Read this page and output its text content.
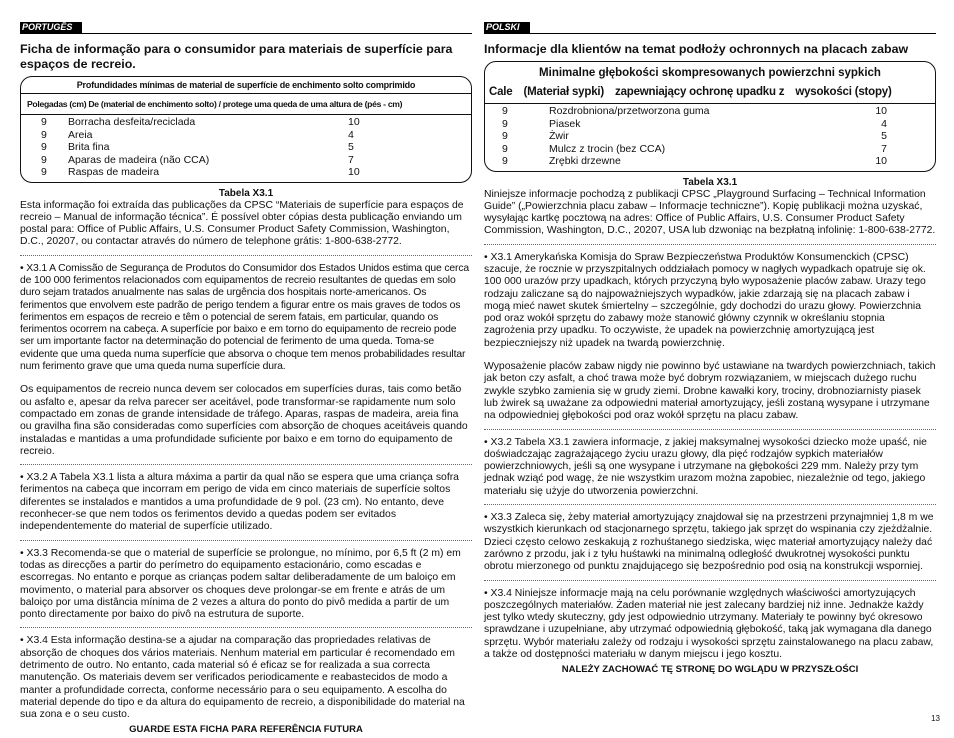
PORTUGÊS
Ficha de informação para o consumidor para materiais de superfície para espaços de recreio.
Profundidades mínimas de material de superfície de enchimento solto comprimido
Polegadas (cm) De (material de enchimento solto) / protege uma queda de uma altura de (pés - cm)
9	Borracha desfeita/reciclada	10
9	Areia	4
9	Brita fina	5
9	Aparas de madeira (não CCA)	7
9	Raspas de madeira	10
Tabela X3.1

Esta informação foi extraída das publicações da CPSC “Materiais de superfície para espaços de recreio – Manual de informação técnica”. É possível obter cópias desta publicação enviando um postal para: Office of Public Affairs, U.S. Consumer Product Safety Commission, Washington, D.C., 20207, ou contactar através do número de telephone grátis: 1-800-638-2772.

• X3.1 A Comissão de Segurança de Produtos do Consumidor dos Estados Unidos estima que cerca de 100 000 ferimentos relacionados com equipamentos de recreio resultantes de quedas em solo duro sejam tratados anualmente nas salas de urgência dos hospitais norte-americanos. Os ferimentos que envolvem este padrão de perigo tendem a figurar entre os mais graves de todos os ferimentos em espaços de recreio e têm o potencial de serem fatais, em particular, quando os ferimentos ocorrem na cabeça. A superfície por baixo e em torno do equipamento de recreio pode ser um importante factor na determinação do potencial de ferimento de uma queda. Toma-se evidente que uma queda numa superfície que absorva o choque tem menos probabilidades resultar num ferimento grave que uma queda numa superfície dura.

Os equipamentos de recreio nunca devem ser colocados em superfícies duras, tais como betão ou asfalto e, apesar da relva parecer ser aceitável, pode transformar-se rapidamente num solo compactado em zonas de grande intensidade de tráfego. Aparas, raspas de madeira, areia fina ou gravilha fina são consideradas como superfícies com absorção de choques aceitáveis quando instaladas e mantidas a uma profundidade suficiente por baixo e em torno do equipamento de recreio.

• X3.2 A Tabela X3.1 lista a altura máxima a partir da qual não se espera que uma criança sofra ferimentos na cabeça que incorram em perigo de vida em cinco materiais de superfície soltos diferentes se instalados e mantidos a uma profundidade de 9 pol. (23 cm). No entanto, deve reconhecer-se que nem todos os ferimentos devido a quedas podem ser evitados independentemente do material de superfície utilizado.

• X3.3 Recomenda-se que o material de superfície se prolongue, no mínimo, por 6,5 ft (2 m) em todas as direcções a partir do perímetro do equipamento estacionário, como escadas e escorregas. No entanto e porque as crianças podem saltar deliberadamente de um baloiço em movimento, o material para absorver os choques deve prolongar-se em frente e atrás de um baloiço por uma distância mínima de 2 vezes a altura do ponto do pivô medida a partir de um ponto directamente por baixo do pivô na estrutura de suporte.

• X3.4 Esta informação destina-se a ajudar na comparação das propriedades relativas de absorção de choques dos vários materiais. Nenhum material em particular é recomendado em detrimento de outro. No entanto, cada material só é eficaz se for realizada a sua correcta manutenção. Os materiais devem ser verificados periodicamente e reabastecidos de modo a manter a profundidade correcta, conforme necessário para o seu equipamento. A escolha do material depende do tipo e da altura do equipamento de recreio, a disponibilidade do material na sua zona e o seu custo.

GUARDE ESTA FICHA PARA REFERÊNCIA FUTURA
POLSKI
Informacje dla klientów na temat podłoży ochronnych na placach zabaw
Minimalne głębokości skompresowanych powierzchni sypkich
Cale (Materiał sypki) zapewniający ochronę upadku z wysokości (stopy)
9	Rozdrobniona/przetworzona guma	10
9	Piasek	4
9	Żwir	5
9	Mulcz z trocin (bez CCA)	7
9	Zrębki drzewne	10
Tabela X3.1

Niniejsze informacje pochodzą z publikacji CPSC „Playground Surfacing – Technical Information Guide” („Powierzchnia placu zabaw – Informacje techniczne”). Kopię publikacji można uzyskać, wysyłając kartkę pocztową na adres: Office of Public Affairs, U.S. Consumer Product Safety Commission, Washington, D.C., 20207, USA lub dzwoniąc na bezpłatną infolinię: 1-800-638-2772.

• X3.1 Amerykańska Komisja do Spraw Bezpieczeństwa Produktów Konsumenckich (CPSC) szacuje, że rocznie w przyszpitalnych oddziałach pomocy w nagłych wypadkach opatruje się ok. 100 000 urazów przy upadkach, których przyczyną było wyposażenie placów zabaw. Urazy tego rodzaju zaliczane są do najpoważniejszych wypadków, jakie zdarzają się na placach zabaw i mogą mieć nawet skutek śmiertelny – szczególnie, gdy dochodzi do urazu głowy. Powierzchnia pod oraz wokół sprzętu do zabawy może stanowić główny czynnik w określaniu stopnia zagrożenia przy upadku. To oczywiste, że upadek na powierzchnię amortyzującą jest bezpieczniejszy niż upadek na twardą powierzchnię.

Wyposażenie placów zabaw nigdy nie powinno być ustawiane na twardych powierzchniach, takich jak beton czy asfalt, a choć trawa może być dobrym rozwiązaniem, w miejscach dużego ruchu zwykle szybko zamienia się w grudy ziemi. Drobne kawałki kory, trociny, drobnoziarnisty piasek lub żwirek są uważane za odpowiedni materiał amortyzujący, jeśli zostaną wysypane i utrzymane na odpowiedniej głębokości pod oraz wokół sprzętu na placu zabaw.

• X3.2 Tabela X3.1 zawiera informacje, z jakiej maksymalnej wysokości dziecko może upaść, nie doświadczając zagrażającego życiu urazu głowy, dla pięć rodzajów sypkich materiałów powierzchniowych, jeśli są one wysypane i utrzymane na głębokości 229 mm. Należy przy tym jednak wziąć pod wagę, że nie wszystkim urazom można zapobiec, niezależnie od tego, jakiego materiału się użyje do utworzenia powierzchni.

• X3.3 Zaleca się, żeby materiał amortyzujący znajdował się na przestrzeni przynajmniej 1,8 m we wszystkich kierunkach od stacjonarnego sprzętu, takiego jak sprzęt do wspinania czy zjeżdżalnie. Dzieci często celowo zeskakują z rozhuśtanego siedziska, więc materiał amortyzujący należy dać zarówno z przodu, jak i z tyłu huśtawki na minimalną odległość dwukrotnej wysokości punktu obrotu mierzonego od punktu znajdującego się bezpośrednio pod osią na konstrukcji wsporniej.

• X3.4 Niniejsze informacje mają na celu porównanie względnych właściwości amortyzujących poszczególnych materiałów. Żaden materiał nie jest zalecany bardziej niż inne. Jednakże każdy jest tylko wtedy skuteczny, gdy jest odpowiednio utrzymany. Materiały te powinny być okresowo sprawdzane i uzupełniane, aby utrzymać odpowiednią głębokość, taką jak wymagana dla danego sprzętu. Wybór materiału zależy od rodzaju i wysokości sprzętu zainstalowanego na placu zabaw, a także od dostępności materiału w danym miejscu i jego kosztu.

NALEŻY ZACHOWAĆ TĘ STRONĘ DO WGLĄDU W PRZYSZŁOŚCI
13
